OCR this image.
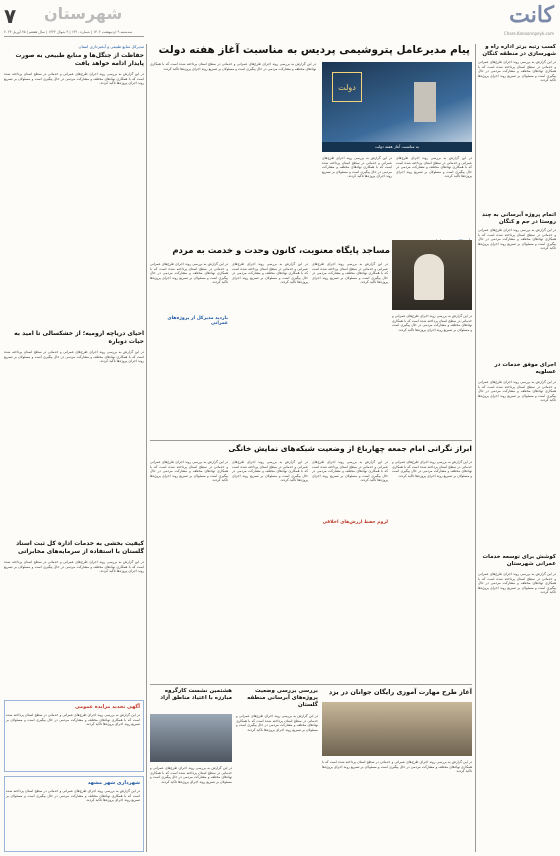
کانت
Chare.Kanoonnpeyk.com
۷ شهرستان
سه‌شنبه ۹ اردیبهشت ۱۴۰۲ | شماره ۱۴۲۰ | ۴ شوال ۱۴۴۴ | سال هشتم | ۲۵ آوریل ۲۰۲۳
پیام مدیرعامل پتروشیمی پردیس به مناسبت آغاز هفته دولت
دولت
به مناسبت آغاز هفته دولت
در این گزارش به بررسی روند اجرای طرح‌های عمرانی و خدماتی در سطح استان پرداخته شده است که با همکاری نهادهای مختلف و مشارکت مردمی در حال پیگیری است و مسئولان بر تسریع روند اجرای پروژه‌ها تاکید کردند.
در این گزارش به بررسی روند اجرای طرح‌های عمرانی و خدماتی در سطح استان پرداخته شده است که با همکاری نهادهای مختلف و مشارکت مردمی در حال پیگیری است و مسئولان بر تسریع روند اجرای پروژه‌ها تاکید کردند.
در این گزارش به بررسی روند اجرای طرح‌های عمرانی و خدماتی در سطح استان پرداخته شده است که با همکاری نهادهای مختلف و مشارکت مردمی در حال پیگیری است و مسئولان بر تسریع روند اجرای پروژه‌ها تاکید کردند.
کسب رتبه برتر اداره راه و شهرسازی در منطقه کنگان
در این گزارش به بررسی روند اجرای طرح‌های عمرانی و خدماتی در سطح استان پرداخته شده است که با همکاری نهادهای مختلف و مشارکت مردمی در حال پیگیری است و مسئولان بر تسریع روند اجرای پروژه‌ها تاکید کردند.
اتمام پروژه آبرسانی به چند روستا در جم و کنگان
در این گزارش به بررسی روند اجرای طرح‌های عمرانی و خدماتی در سطح استان پرداخته شده است که با همکاری نهادهای مختلف و مشارکت مردمی در حال پیگیری است و مسئولان بر تسریع روند اجرای پروژه‌ها تاکید کردند.
اجرای موفق خدمات در عسلویه
در این گزارش به بررسی روند اجرای طرح‌های عمرانی و خدماتی در سطح استان پرداخته شده است که با همکاری نهادهای مختلف و مشارکت مردمی در حال پیگیری است و مسئولان بر تسریع روند اجرای پروژه‌ها تاکید کردند.
کوشش برای توسعه خدمات عمرانی شهرستان
در این گزارش به بررسی روند اجرای طرح‌های عمرانی و خدماتی در سطح استان پرداخته شده است که با همکاری نهادهای مختلف و مشارکت مردمی در حال پیگیری است و مسئولان بر تسریع روند اجرای پروژه‌ها تاکید کردند.
مدیرکل منابع طبیعی و آبخیزداری استان
حفاظت از جنگل‌ها و منابع طبیعی به صورت پایدار ادامه خواهد یافت
در این گزارش به بررسی روند اجرای طرح‌های عمرانی و خدماتی در سطح استان پرداخته شده است که با همکاری نهادهای مختلف و مشارکت مردمی در حال پیگیری است و مسئولان بر تسریع روند اجرای پروژه‌ها تاکید کردند.
احیای دریاچه ارومیه؛ از خشکسالی تا امید به حیات دوباره
در این گزارش به بررسی روند اجرای طرح‌های عمرانی و خدماتی در سطح استان پرداخته شده است که با همکاری نهادهای مختلف و مشارکت مردمی در حال پیگیری است و مسئولان بر تسریع روند اجرای پروژه‌ها تاکید کردند.
کیفیت بخشی به خدمات اداره کل ثبت اسناد گلستان با استفاده از سرمایه‌های مخابراتی
در این گزارش به بررسی روند اجرای طرح‌های عمرانی و خدماتی در سطح استان پرداخته شده است که با همکاری نهادهای مختلف و مشارکت مردمی در حال پیگیری است و مسئولان بر تسریع روند اجرای پروژه‌ها تاکید کردند.
آگهی تجدید مزایده عمومی
در این گزارش به بررسی روند اجرای طرح‌های عمرانی و خدماتی در سطح استان پرداخته شده است که با همکاری نهادهای مختلف و مشارکت مردمی در حال پیگیری است و مسئولان بر تسریع روند اجرای پروژه‌ها تاکید کردند.
شهرداری شهر مشهد
در این گزارش به بررسی روند اجرای طرح‌های عمرانی و خدماتی در سطح استان پرداخته شده است که با همکاری نهادهای مختلف و مشارکت مردمی در حال پیگیری است و مسئولان بر تسریع روند اجرای پروژه‌ها تاکید کردند.
مساجد پایگاه معنویت، کانون وحدت و خدمت به مردم
در این گزارش به بررسی روند اجرای طرح‌های عمرانی و خدماتی در سطح استان پرداخته شده است که با همکاری نهادهای مختلف و مشارکت مردمی در حال پیگیری است و مسئولان بر تسریع روند اجرای پروژه‌ها تاکید کردند.
در این گزارش به بررسی روند اجرای طرح‌های عمرانی و خدماتی در سطح استان پرداخته شده است که با همکاری نهادهای مختلف و مشارکت مردمی در حال پیگیری است و مسئولان بر تسریع روند اجرای پروژه‌ها تاکید کردند.
در این گزارش به بررسی روند اجرای طرح‌های عمرانی و خدماتی در سطح استان پرداخته شده است که با همکاری نهادهای مختلف و مشارکت مردمی در حال پیگیری است و مسئولان بر تسریع روند اجرای پروژه‌ها تاکید کردند.
در این گزارش به بررسی روند اجرای طرح‌های عمرانی و خدماتی در سطح استان پرداخته شده است که با همکاری نهادهای مختلف و مشارکت مردمی در حال پیگیری است و مسئولان بر تسریع روند اجرای پروژه‌ها تاکید کردند.
بازدید مدیرکل از پروژه‌های عمرانی
ابراز نگرانی امام جمعه چهارباغ از وضعیت شبکه‌های نمایش خانگی
در این گزارش به بررسی روند اجرای طرح‌های عمرانی و خدماتی در سطح استان پرداخته شده است که با همکاری نهادهای مختلف و مشارکت مردمی در حال پیگیری است و مسئولان بر تسریع روند اجرای پروژه‌ها تاکید کردند.
در این گزارش به بررسی روند اجرای طرح‌های عمرانی و خدماتی در سطح استان پرداخته شده است که با همکاری نهادهای مختلف و مشارکت مردمی در حال پیگیری است و مسئولان بر تسریع روند اجرای پروژه‌ها تاکید کردند.
در این گزارش به بررسی روند اجرای طرح‌های عمرانی و خدماتی در سطح استان پرداخته شده است که با همکاری نهادهای مختلف و مشارکت مردمی در حال پیگیری است و مسئولان بر تسریع روند اجرای پروژه‌ها تاکید کردند.
در این گزارش به بررسی روند اجرای طرح‌های عمرانی و خدماتی در سطح استان پرداخته شده است که با همکاری نهادهای مختلف و مشارکت مردمی در حال پیگیری است و مسئولان بر تسریع روند اجرای پروژه‌ها تاکید کردند.
لزوم حفظ ارزش‌های اخلاقی
آغاز طرح مهارت آموزی رایگان جوانان در یزد
در این گزارش به بررسی روند اجرای طرح‌های عمرانی و خدماتی در سطح استان پرداخته شده است که با همکاری نهادهای مختلف و مشارکت مردمی در حال پیگیری است و مسئولان بر تسریع روند اجرای پروژه‌ها تاکید کردند.
بررسی بررسی وضعیت پروژه‌های آبرسانی منطقه گلستان
در این گزارش به بررسی روند اجرای طرح‌های عمرانی و خدماتی در سطح استان پرداخته شده است که با همکاری نهادهای مختلف و مشارکت مردمی در حال پیگیری است و مسئولان بر تسریع روند اجرای پروژه‌ها تاکید کردند.
هشتمین نشست کارگروه مبارزه با اعتیاد مناطق آزاد
در این گزارش به بررسی روند اجرای طرح‌های عمرانی و خدماتی در سطح استان پرداخته شده است که با همکاری نهادهای مختلف و مشارکت مردمی در حال پیگیری است و مسئولان بر تسریع روند اجرای پروژه‌ها تاکید کردند.
